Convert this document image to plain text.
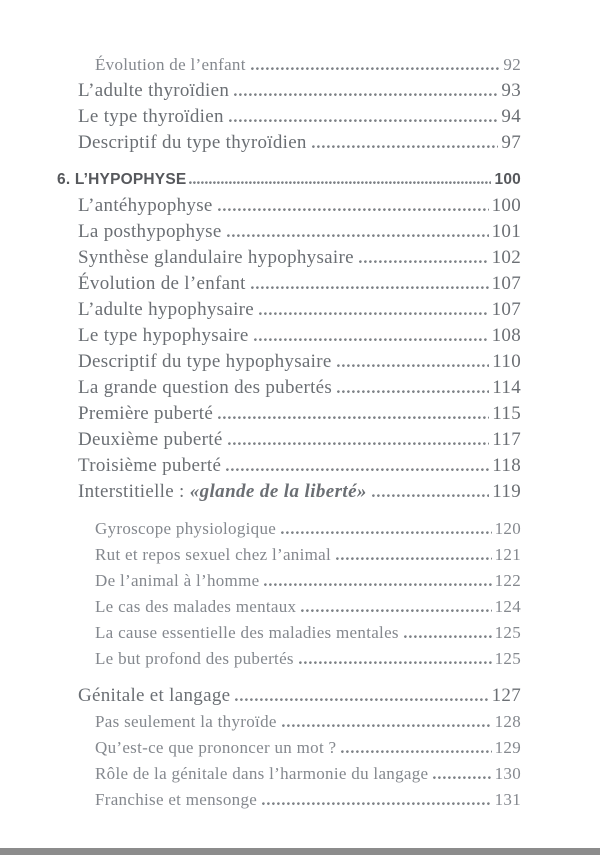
Évolution de l’enfant	92
L’adulte thyroïdien	93
Le type thyroïdien	94
Descriptif du type thyroïdien	97
6. L’HYPOPHYSE	100
L’antéhypophyse	100
La posthypophyse	101
Synthèse glandulaire hypophysaire	102
Évolution de l’enfant	107
L’adulte hypophysaire	107
Le type hypophysaire	108
Descriptif du type hypophysaire	110
La grande question des pubertés	114
Première puberté	115
Deuxième puberté	117
Troisième puberté	118
Interstitielle : «glande de la liberté»	119
Gyroscope physiologique	120
Rut et repos sexuel chez l’animal	121
De l’animal à l’homme	122
Le cas des malades mentaux	124
La cause essentielle des maladies mentales	125
Le but profond des pubertés	125
Génitale et langage	127
Pas seulement la thyroïde	128
Qu’est-ce que prononcer un mot ?	129
Rôle de la génitale dans l’harmonie du langage	130
Franchise et mensonge	131
